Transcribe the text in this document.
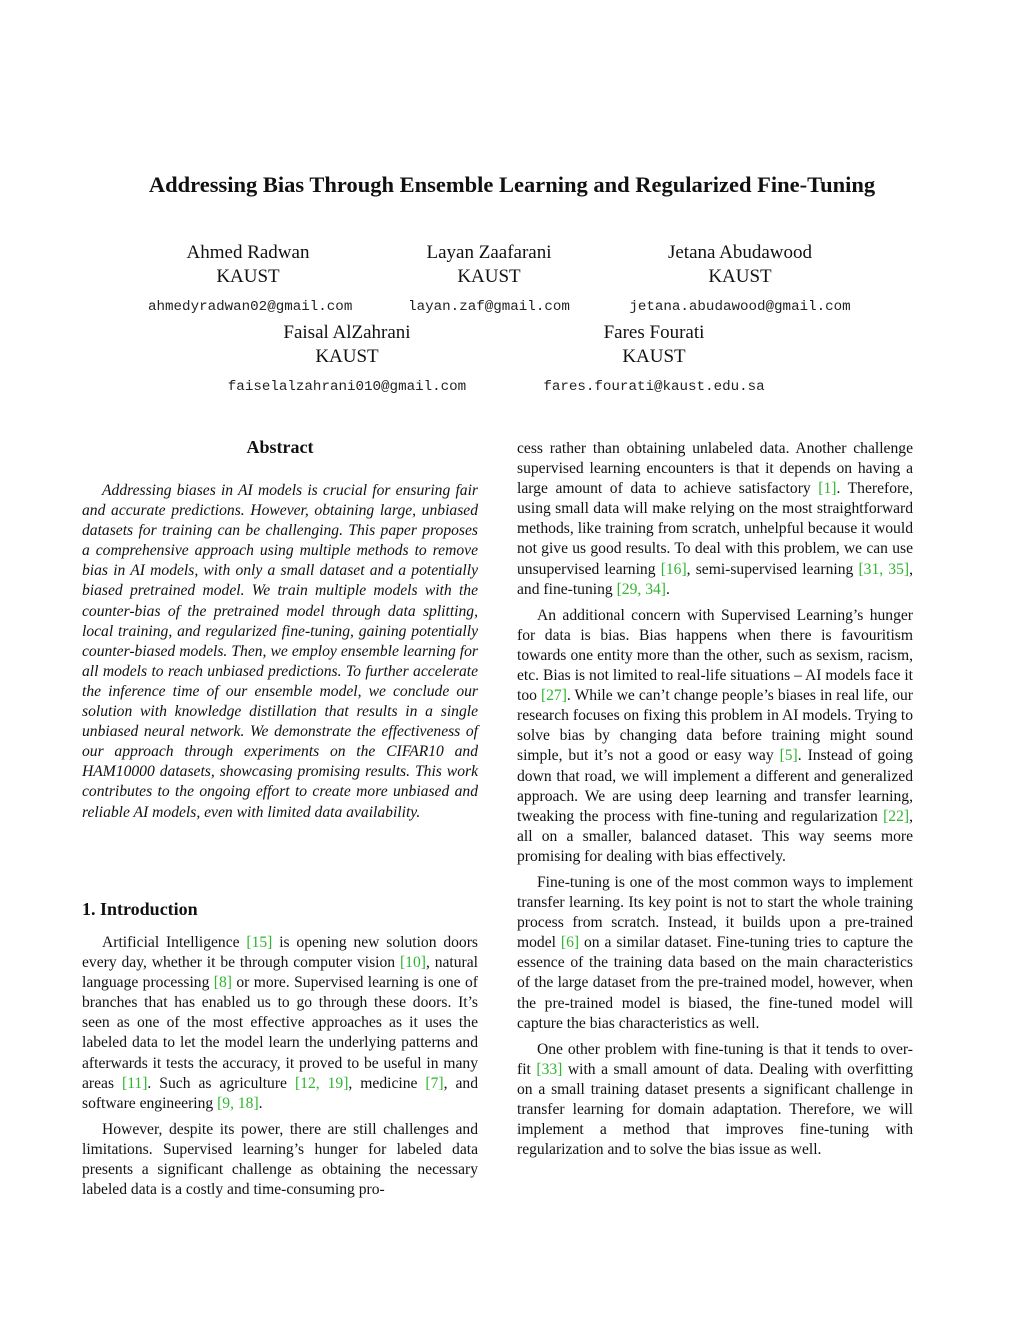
Addressing Bias Through Ensemble Learning and Regularized Fine-Tuning
Ahmed Radwan
KAUST
ahmedyradwan02@gmail.com
Layan Zaafarani
KAUST
layan.zaf@gmail.com
Jetana Abudawood
KAUST
jetana.abudawood@gmail.com
Faisal AlZahrani
KAUST
faiselalzahrani010@gmail.com
Fares Fourati
KAUST
fares.fourati@kaust.edu.sa
Abstract

Addressing biases in AI models is crucial for ensuring fair and accurate predictions. However, obtaining large, unbiased datasets for training can be challenging. This paper proposes a comprehensive approach using multiple methods to remove bias in AI models, with only a small dataset and a potentially biased pretrained model. We train multiple models with the counter-bias of the pretrained model through data splitting, local training, and regularized fine-tuning, gaining potentially counter-biased models. Then, we employ ensemble learning for all models to reach unbiased predictions. To further accelerate the inference time of our ensemble model, we conclude our solution with knowledge distillation that results in a single unbiased neural network. We demonstrate the effectiveness of our approach through experiments on the CIFAR10 and HAM10000 datasets, showcasing promising results. This work contributes to the ongoing effort to create more unbiased and reliable AI models, even with limited data availability.

1. Introduction

Artificial Intelligence [15] is opening new solution doors every day, whether it be through computer vision [10], natural language processing [8] or more. Supervised learning is one of branches that has enabled us to go through these doors. It’s seen as one of the most effective approaches as it uses the labeled data to let the model learn the underlying patterns and afterwards it tests the accuracy, it proved to be useful in many areas [11]. Such as agriculture [12, 19], medicine [7], and software engineering [9, 18].

However, despite its power, there are still challenges and limitations. Supervised learning’s hunger for labeled data presents a significant challenge as obtaining the necessary labeled data is a costly and time-consuming pro-

cess rather than obtaining unlabeled data. Another challenge supervised learning encounters is that it depends on having a large amount of data to achieve satisfactory [1]. Therefore, using small data will make relying on the most straightforward methods, like training from scratch, unhelpful because it would not give us good results. To deal with this problem, we can use unsupervised learning [16], semi-supervised learning [31, 35], and fine-tuning [29, 34].

An additional concern with Supervised Learning’s hunger for data is bias. Bias happens when there is favouritism towards one entity more than the other, such as sexism, racism, etc. Bias is not limited to real-life situations – AI models face it too [27]. While we can’t change people’s biases in real life, our research focuses on fixing this problem in AI models. Trying to solve bias by changing data before training might sound simple, but it’s not a good or easy way [5]. Instead of going down that road, we will implement a different and generalized approach. We are using deep learning and transfer learning, tweaking the process with fine-tuning and regularization [22], all on a smaller, balanced dataset. This way seems more promising for dealing with bias effectively.

Fine-tuning is one of the most common ways to implement transfer learning. Its key point is not to start the whole training process from scratch. Instead, it builds upon a pre-trained model [6] on a similar dataset. Fine-tuning tries to capture the essence of the training data based on the main characteristics of the large dataset from the pre-trained model, however, when the pre-trained model is biased, the fine-tuned model will capture the bias characteristics as well.

One other problem with fine-tuning is that it tends to over-fit [33] with a small amount of data. Dealing with overfitting on a small training dataset presents a significant challenge in transfer learning for domain adaptation. Therefore, we will implement a method that improves fine-tuning with regularization and to solve the bias issue as well.
